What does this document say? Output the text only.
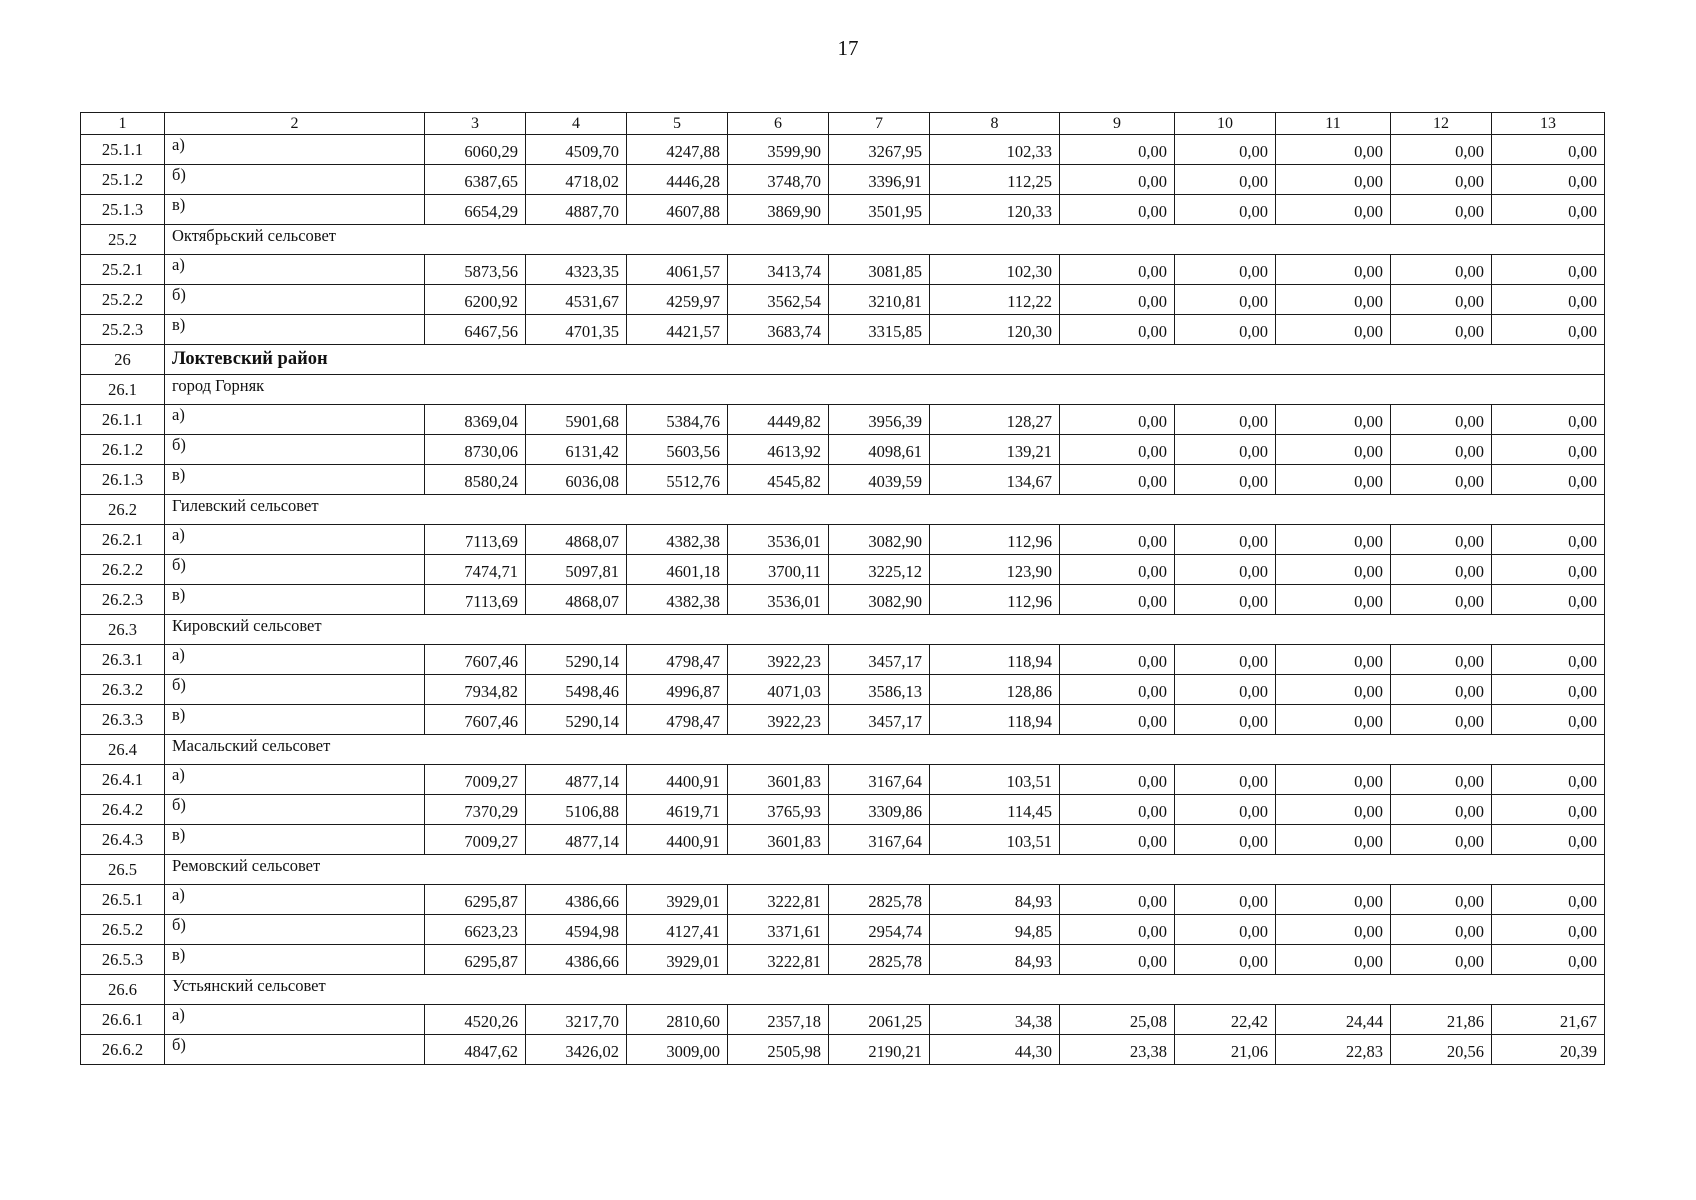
17
1	2	3	4	5	6	7	8	9	10	11	12	13
25.1.1	а)	6060,29	4509,70	4247,88	3599,90	3267,95	102,33	0,00	0,00	0,00	0,00	0,00
25.1.2	б)	6387,65	4718,02	4446,28	3748,70	3396,91	112,25	0,00	0,00	0,00	0,00	0,00
25.1.3	в)	6654,29	4887,70	4607,88	3869,90	3501,95	120,33	0,00	0,00	0,00	0,00	0,00
25.2	Октябрьский сельсовет											
25.2.1	а)	5873,56	4323,35	4061,57	3413,74	3081,85	102,30	0,00	0,00	0,00	0,00	0,00
25.2.2	б)	6200,92	4531,67	4259,97	3562,54	3210,81	112,22	0,00	0,00	0,00	0,00	0,00
25.2.3	в)	6467,56	4701,35	4421,57	3683,74	3315,85	120,30	0,00	0,00	0,00	0,00	0,00
26	Локтевский район											
26.1	город Горняк											
26.1.1	а)	8369,04	5901,68	5384,76	4449,82	3956,39	128,27	0,00	0,00	0,00	0,00	0,00
26.1.2	б)	8730,06	6131,42	5603,56	4613,92	4098,61	139,21	0,00	0,00	0,00	0,00	0,00
26.1.3	в)	8580,24	6036,08	5512,76	4545,82	4039,59	134,67	0,00	0,00	0,00	0,00	0,00
26.2	Гилевский сельсовет											
26.2.1	а)	7113,69	4868,07	4382,38	3536,01	3082,90	112,96	0,00	0,00	0,00	0,00	0,00
26.2.2	б)	7474,71	5097,81	4601,18	3700,11	3225,12	123,90	0,00	0,00	0,00	0,00	0,00
26.2.3	в)	7113,69	4868,07	4382,38	3536,01	3082,90	112,96	0,00	0,00	0,00	0,00	0,00
26.3	Кировский сельсовет											
26.3.1	а)	7607,46	5290,14	4798,47	3922,23	3457,17	118,94	0,00	0,00	0,00	0,00	0,00
26.3.2	б)	7934,82	5498,46	4996,87	4071,03	3586,13	128,86	0,00	0,00	0,00	0,00	0,00
26.3.3	в)	7607,46	5290,14	4798,47	3922,23	3457,17	118,94	0,00	0,00	0,00	0,00	0,00
26.4	Масальский сельсовет											
26.4.1	а)	7009,27	4877,14	4400,91	3601,83	3167,64	103,51	0,00	0,00	0,00	0,00	0,00
26.4.2	б)	7370,29	5106,88	4619,71	3765,93	3309,86	114,45	0,00	0,00	0,00	0,00	0,00
26.4.3	в)	7009,27	4877,14	4400,91	3601,83	3167,64	103,51	0,00	0,00	0,00	0,00	0,00
26.5	Ремовский сельсовет											
26.5.1	а)	6295,87	4386,66	3929,01	3222,81	2825,78	84,93	0,00	0,00	0,00	0,00	0,00
26.5.2	б)	6623,23	4594,98	4127,41	3371,61	2954,74	94,85	0,00	0,00	0,00	0,00	0,00
26.5.3	в)	6295,87	4386,66	3929,01	3222,81	2825,78	84,93	0,00	0,00	0,00	0,00	0,00
26.6	Устьянский сельсовет											
26.6.1	а)	4520,26	3217,70	2810,60	2357,18	2061,25	34,38	25,08	22,42	24,44	21,86	21,67
26.6.2	б)	4847,62	3426,02	3009,00	2505,98	2190,21	44,30	23,38	21,06	22,83	20,56	20,39
